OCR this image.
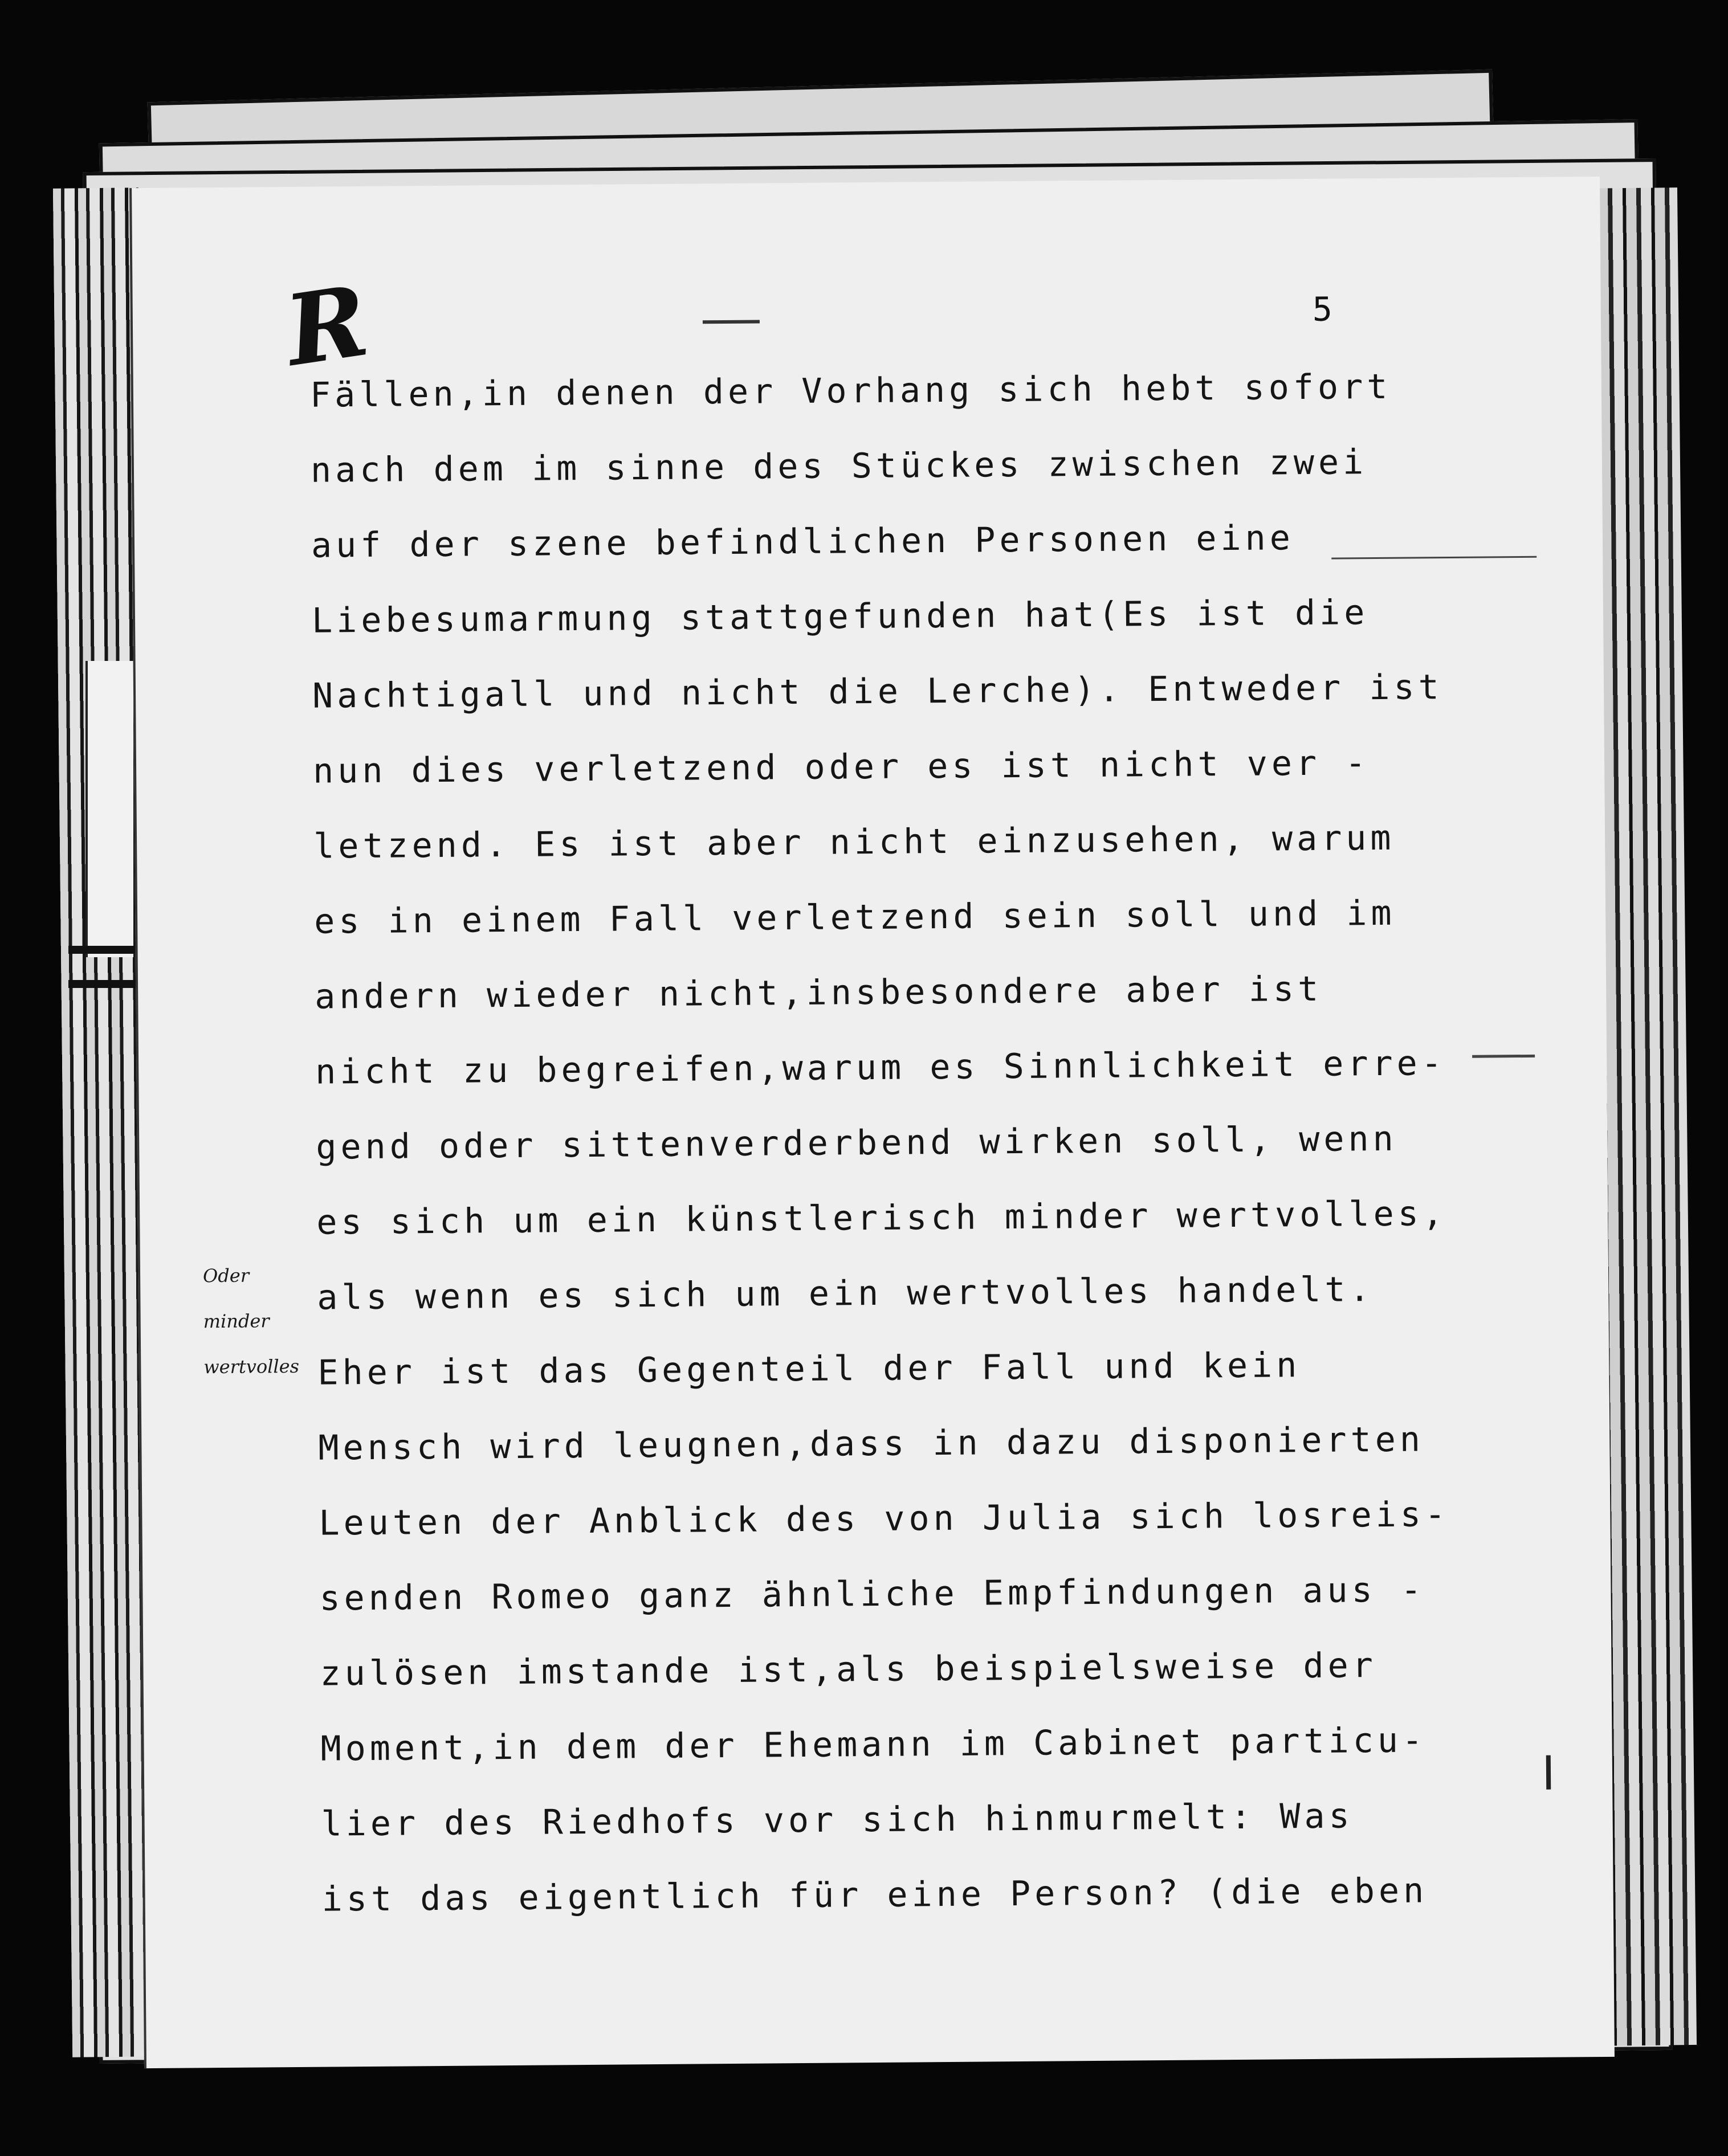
R	5
Oder
minder
wertvolles
Fällen,in denen der Vorhang sich hebt sofort
nach dem im sinne des Stückes zwischen zwei
auf der szene befindlichen Personen eine
Liebesumarmung stattgefunden hat(Es ist die
Nachtigall und nicht die Lerche). Entweder ist
nun dies verletzend oder es ist nicht ver -
letzend. Es ist aber nicht einzusehen, warum
es in einem Fall verletzend sein soll und im
andern wieder nicht,insbesondere aber ist
nicht zu begreifen,warum es Sinnlichkeit erre-
gend oder sittenverderbend wirken soll, wenn
es sich um ein künstlerisch minder wertvolles,
als wenn es sich um ein wertvolles handelt.
Eher ist das Gegenteil der Fall und kein
Mensch wird leugnen,dass in dazu disponierten
Leuten der Anblick des von Julia sich losreis-
senden Romeo ganz ähnliche Empfindungen aus -
zulösen imstande ist,als beispielsweise der
Moment,in dem der Ehemann im Cabinet particu-
lier des Riedhofs vor sich hinmurmelt: Was
ist das eigentlich für eine Person? (die eben
